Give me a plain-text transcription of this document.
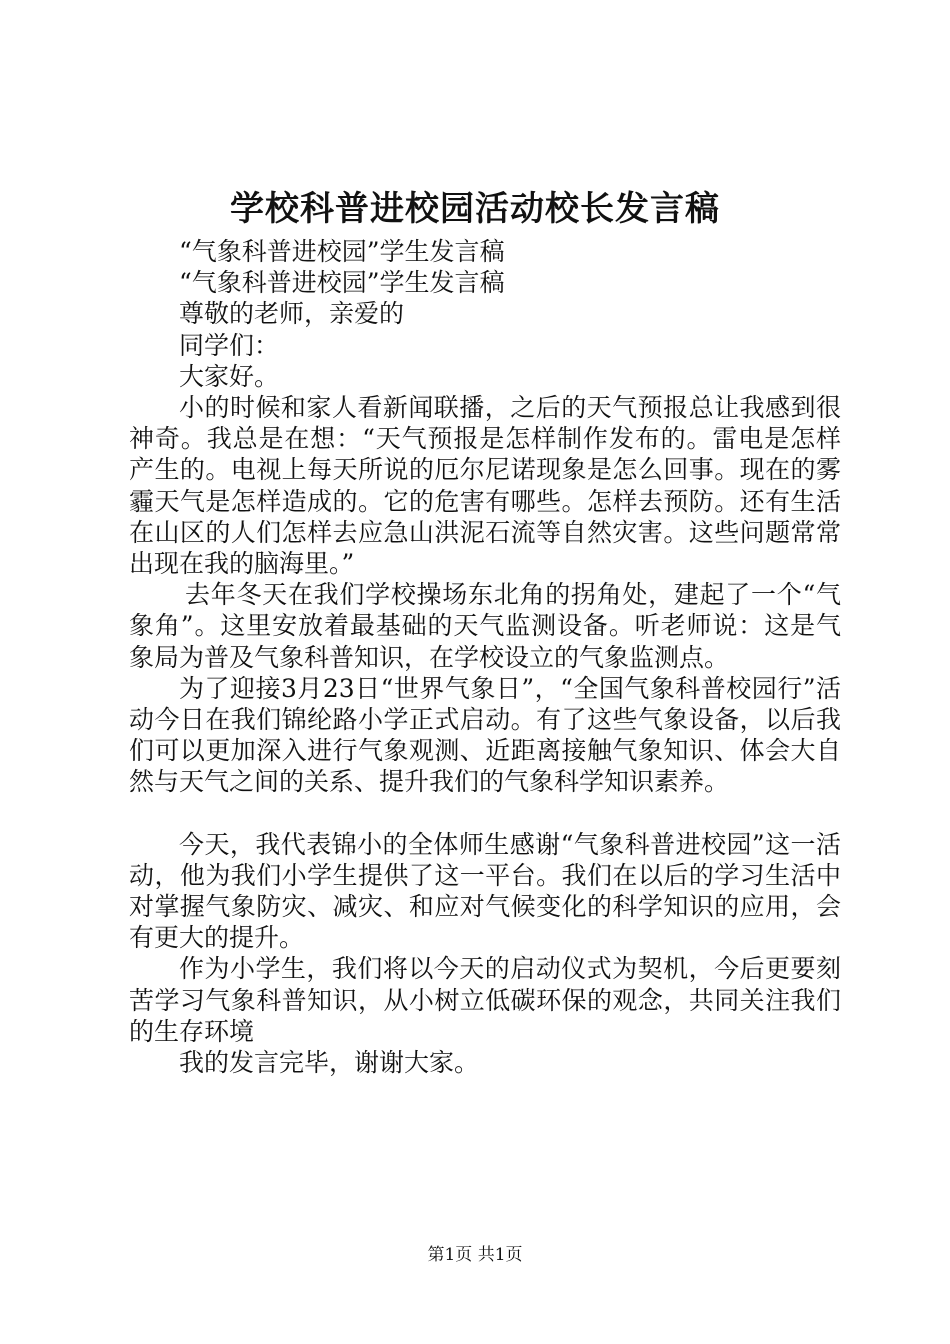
学校科普进校园活动校长发言稿

“气象科普进校园”学生发言稿

“气象科普进校园”学生发言稿

尊敬的老师，亲爱的

同学们：

大家好。

小的时候和家人看新闻联播，之后的天气预报总让我感到很神奇。我总是在想：“天气预报是怎样制作发布的。雷电是怎样产生的。电视上每天所说的厄尔尼诺现象是怎么回事。现在的雾霾天气是怎样造成的。它的危害有哪些。怎样去预防。还有生活在山区的人们怎样去应急山洪泥石流等自然灾害。这些问题常常出现在我的脑海里。”

去年冬天在我们学校操场东北角的拐角处，建起了一个“气象角”。这里安放着最基础的天气监测设备。听老师说：这是气象局为普及气象科普知识，在学校设立的气象监测点。

为了迎接3月23日“世界气象日”，“全国气象科普校园行”活动今日在我们锦纶路小学正式启动。有了这些气象设备，以后我们可以更加深入进行气象观测、近距离接触气象知识、体会大自然与天气之间的关系、提升我们的气象科学知识素养。

今天，我代表锦小的全体师生感谢“气象科普进校园”这一活动，他为我们小学生提供了这一平台。我们在以后的学习生活中对掌握气象防灾、减灾、和应对气候变化的科学知识的应用，会有更大的提升。

作为小学生，我们将以今天的启动仪式为契机，今后更要刻苦学习气象科普知识，从小树立低碳环保的观念，共同关注我们的生存环境

我的发言完毕，谢谢大家。

第1页 共1页
